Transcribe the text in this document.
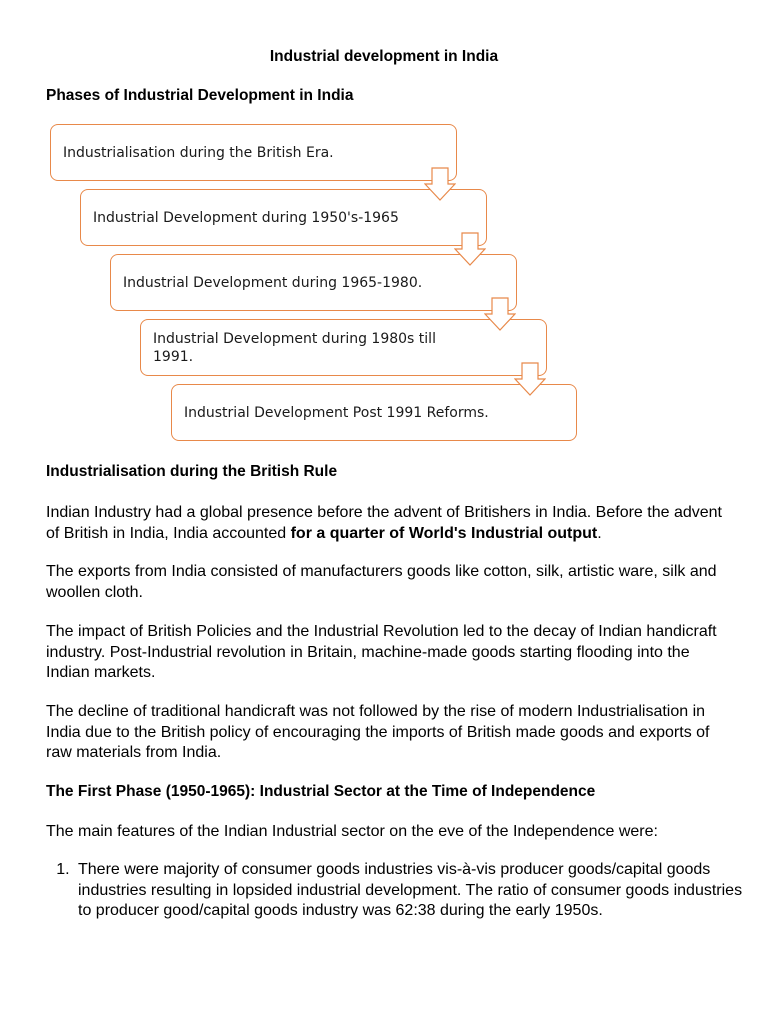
Industrial development in India
Phases of Industrial Development in India
Industrialisation during the British Era.
Industrial Development during 1950's-1965
Industrial Development during 1965-1980.
Industrial Development during 1980s till 1991.
Industrial Development Post 1991 Reforms.
Industrialisation during the British Rule
Indian Industry had a global presence before the advent of Britishers in India. Before the advent of British in India, India accounted for a quarter of World's Industrial output.
The exports from India consisted of manufacturers goods like cotton, silk, artistic ware, silk and woollen cloth.
The impact of British Policies and the Industrial Revolution led to the decay of Indian handicraft industry. Post-Industrial revolution in Britain, machine-made goods starting flooding into the Indian markets.
The decline of traditional handicraft was not followed by the rise of modern Industrialisation in India due to the British policy of encouraging the imports of British made goods and exports of raw materials from India.
The First Phase (1950-1965): Industrial Sector at the Time of Independence
The main features of the Indian Industrial sector on the eve of the Independence were:
1. There were majority of consumer goods industries vis-à-vis producer goods/capital goods industries resulting in lopsided industrial development. The ratio of consumer goods industries to producer good/capital goods industry was 62:38 during the early 1950s.
